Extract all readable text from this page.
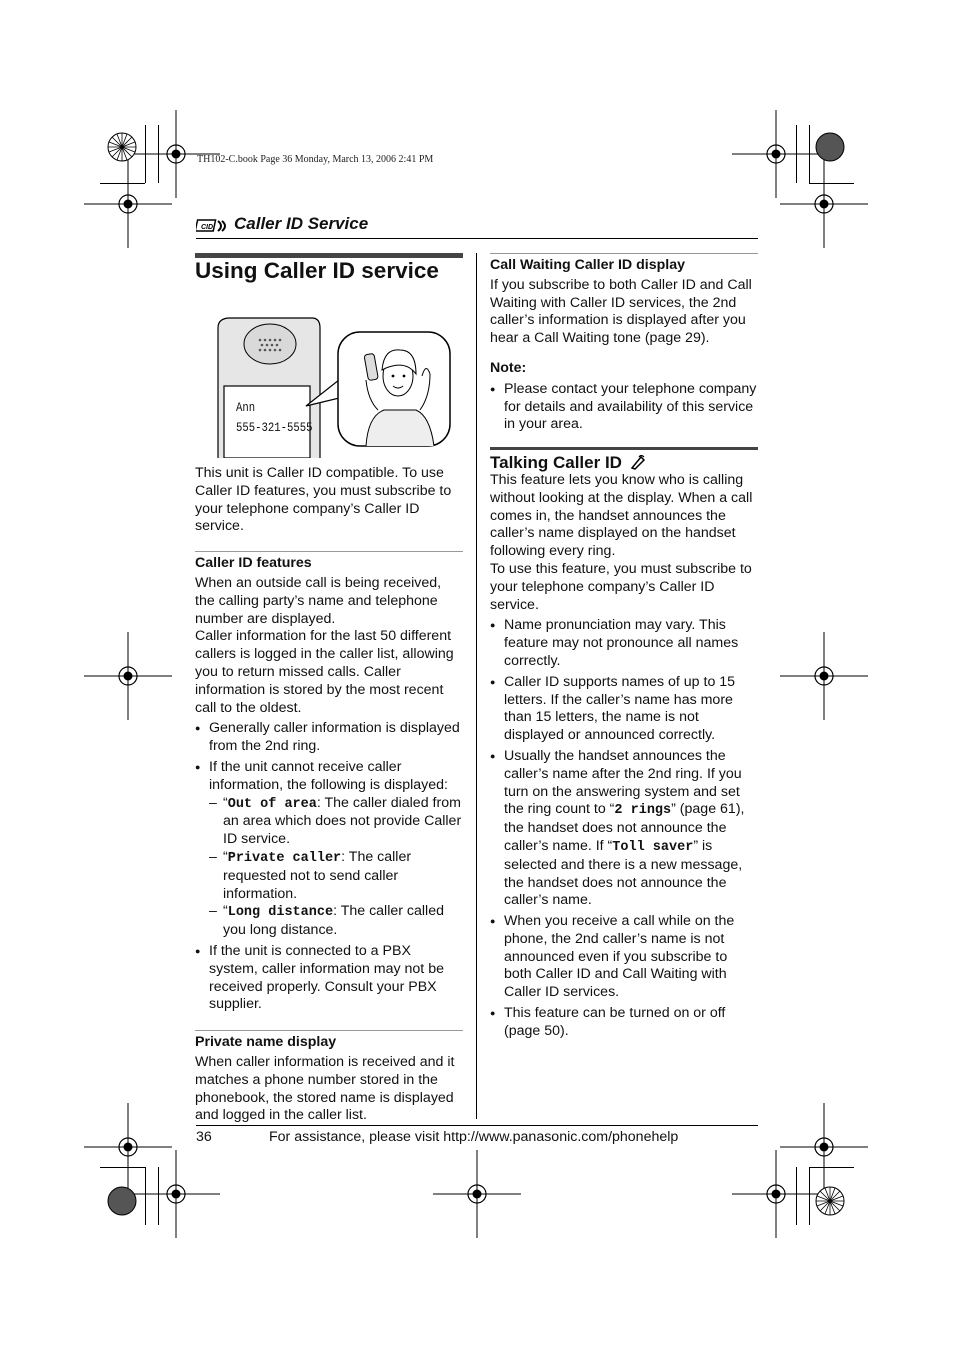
TH102-C.book Page 36 Monday, March 13, 2006 2:41 PM
CID Caller ID Service

Using Caller ID service

Ann
555-321-5555

This unit is Caller ID compatible. To use Caller ID features, you must subscribe to your telephone company’s Caller ID service.

Caller ID features

When an outside call is being received, the calling party’s name and telephone number are displayed.

Caller information for the last 50 different callers is logged in the caller list, allowing you to return missed calls. Caller information is stored by the most recent call to the oldest.

● Generally caller information is displayed from the 2nd ring.
● If the unit cannot receive caller information, the following is displayed:
– “Out of area: The caller dialed from an area which does not provide Caller ID service.
– “Private caller: The caller requested not to send caller information.
– “Long distance: The caller called you long distance.
● If the unit is connected to a PBX system, caller information may not be received properly. Consult your PBX supplier.

Private name display

When caller information is received and it matches a phone number stored in the phonebook, the stored name is displayed and logged in the caller list.

Call Waiting Caller ID display

If you subscribe to both Caller ID and Call Waiting with Caller ID services, the 2nd caller’s information is displayed after you hear a Call Waiting tone (page 29).

Note:

● Please contact your telephone company for details and availability of this service in your area.

Talking Caller ID

This feature lets you know who is calling without looking at the display. When a call comes in, the handset announces the caller’s name displayed on the handset following every ring.

To use this feature, you must subscribe to your telephone company’s Caller ID service.

● Name pronunciation may vary. This feature may not pronounce all names correctly.
● Caller ID supports names of up to 15 letters. If the caller’s name has more than 15 letters, the name is not displayed or announced correctly.
● Usually the handset announces the caller’s name after the 2nd ring. If you turn on the answering system and set the ring count to “2 rings” (page 61), the handset does not announce the caller’s name. If “Toll saver” is selected and there is a new message, the handset does not announce the caller’s name.
● When you receive a call while on the phone, the 2nd caller’s name is not announced even if you subscribe to both Caller ID and Call Waiting with Caller ID services.
● This feature can be turned on or off (page 50).
36	For assistance, please visit http://www.panasonic.com/phonehelp
